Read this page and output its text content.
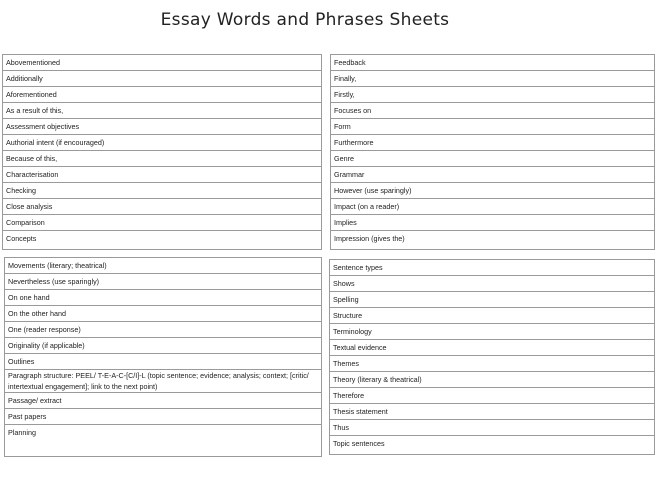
Essay Words and Phrases Sheets
Abovementioned
Additionally
Aforementioned
As a result of this,
Assessment objectives
Authorial intent (if encouraged)
Because of this,
Characterisation
Checking
Close analysis
Comparison
Concepts
Feedback
Finally,
Firstly,
Focuses on
Form
Furthermore
Genre
Grammar
However (use sparingly)
Impact (on a reader)
Implies
Impression (gives the)
Movements (literary; theatrical)
Nevertheless (use sparingly)
On one hand
On the other hand
One (reader response)
Originality (if applicable)
Outlines
Paragraph structure: PEEL/ T-E-A-C-[C/I]-L (topic sentence; evidence; analysis; context; [critic/ intertextual engagement]; link to the next point)
Passage/ extract
Past papers
Planning
Sentence types
Shows
Spelling
Structure
Terminology
Textual evidence
Themes
Theory (literary & theatrical)
Therefore
Thesis statement
Thus
Topic sentences
